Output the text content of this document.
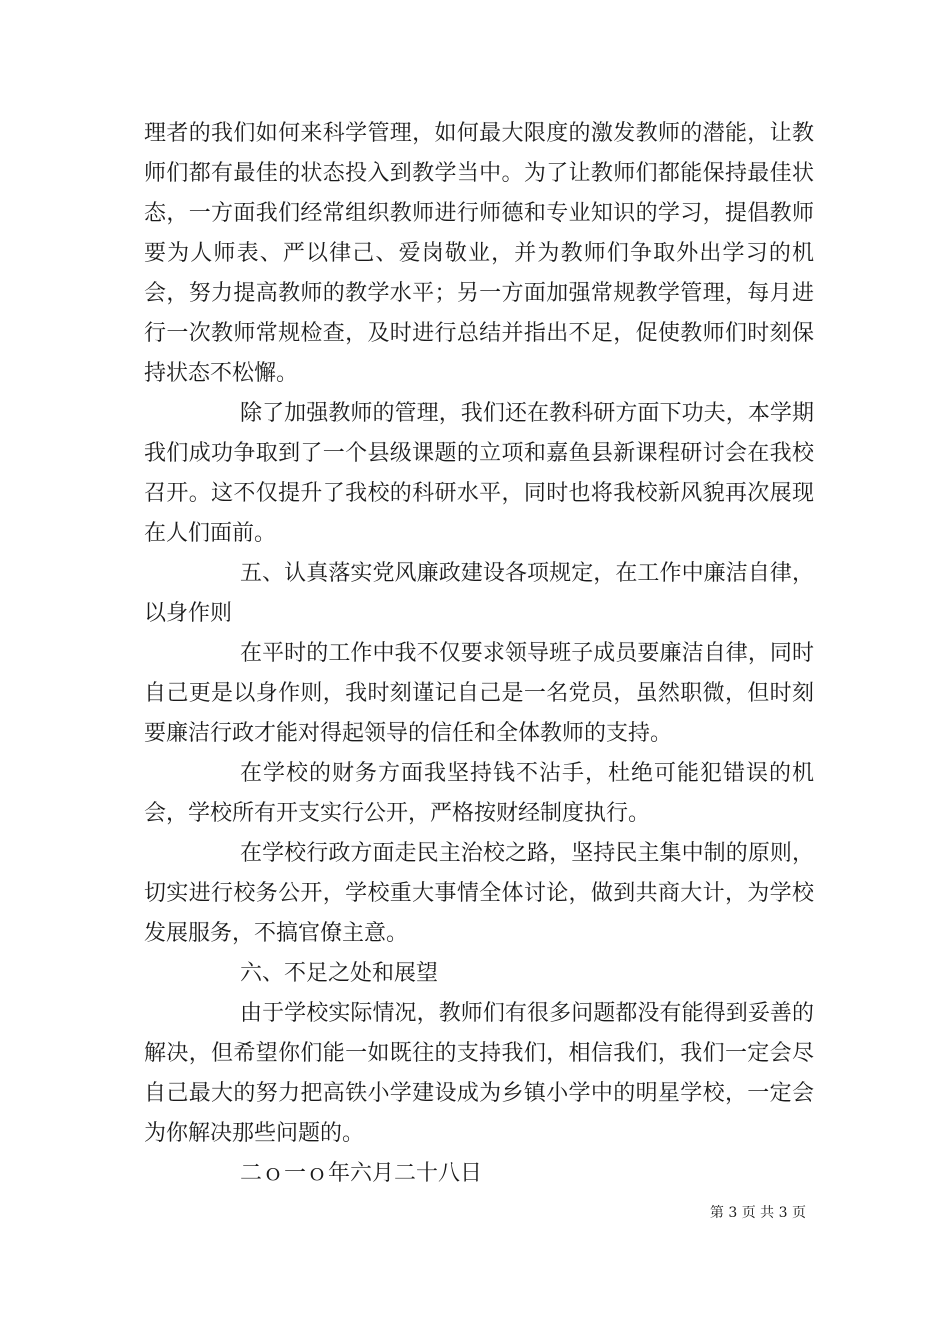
理者的我们如何来科学管理，如何最大限度的激发教师的潜能，让教师们都有最佳的状态投入到教学当中。为了让教师们都能保持最佳状态，一方面我们经常组织教师进行师德和专业知识的学习，提倡教师要为人师表、严以律己、爱岗敬业，并为教师们争取外出学习的机会，努力提高教师的教学水平；另一方面加强常规教学管理，每月进行一次教师常规检查，及时进行总结并指出不足，促使教师们时刻保持状态不松懈。

除了加强教师的管理，我们还在教科研方面下功夫，本学期我们成功争取到了一个县级课题的立项和嘉鱼县新课程研讨会在我校召开。这不仅提升了我校的科研水平，同时也将我校新风貌再次展现在人们面前。

五、认真落实党风廉政建设各项规定，在工作中廉洁自律，以身作则

在平时的工作中我不仅要求领导班子成员要廉洁自律，同时自己更是以身作则，我时刻谨记自己是一名党员，虽然职微，但时刻要廉洁行政才能对得起领导的信任和全体教师的支持。

在学校的财务方面我坚持钱不沾手，杜绝可能犯错误的机会，学校所有开支实行公开，严格按财经制度执行。

在学校行政方面走民主治校之路，坚持民主集中制的原则，切实进行校务公开，学校重大事情全体讨论，做到共商大计，为学校发展服务，不搞官僚主意。

六、不足之处和展望

由于学校实际情况，教师们有很多问题都没有能得到妥善的解决，但希望你们能一如既往的支持我们，相信我们，我们一定会尽自己最大的努力把高铁小学建设成为乡镇小学中的明星学校，一定会为你解决那些问题的。

二ｏ一ｏ年六月二十八日

第 3 页 共 3 页
